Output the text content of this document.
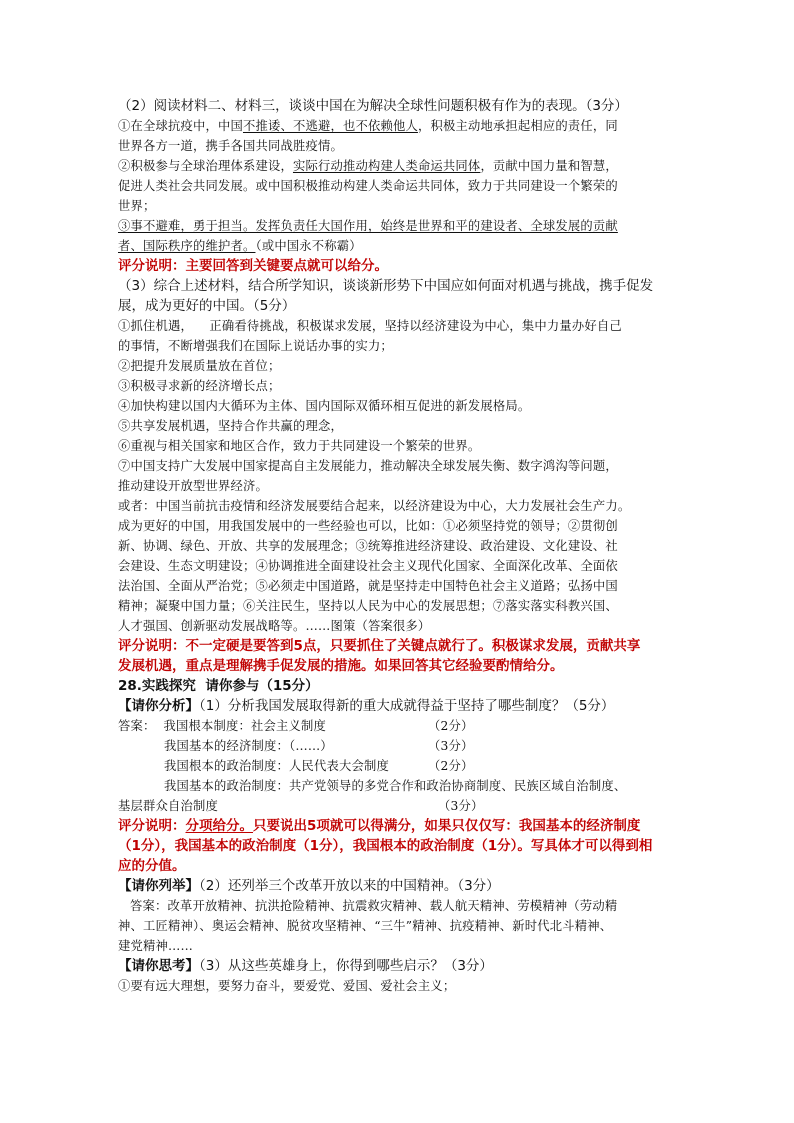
（2）阅读材料二、材料三，谈谈中国在为解决全球性问题积极有作为的表现。（3分）
①在全球抗疫中，中国不推诿、不逃避，也不依赖他人，积极主动地承担起相应的责任，同
世界各方一道，携手各国共同战胜疫情。
②积极参与全球治理体系建设，实际行动推动构建人类命运共同体，贡献中国力量和智慧，
促进人类社会共同发展。或中国积极推动构建人类命运共同体，致力于共同建设一个繁荣的
世界；
③事不避难，勇于担当。发挥负责任大国作用，始终是世界和平的建设者、全球发展的贡献
者、国际秩序的维护者。（或中国永不称霸）
评分说明：主要回答到关键要点就可以给分。
（3）综合上述材料，结合所学知识，谈谈新形势下中国应如何面对机遇与挑战，携手促发
展，成为更好的中国。（5分）
①抓住机遇，    正确看待挑战，积极谋求发展，坚持以经济建设为中心，集中力量办好自己
的事情，不断增强我们在国际上说话办事的实力；
②把提升发展质量放在首位；
③积极寻求新的经济增长点；
④加快构建以国内大循环为主体、国内国际双循环相互促进的新发展格局。
⑤共享发展机遇，坚持合作共赢的理念，
⑥重视与相关国家和地区合作，致力于共同建设一个繁荣的世界。
⑦中国支持广大发展中国家提高自主发展能力，推动解决全球发展失衡、数字鸿沟等问题，
推动建设开放型世界经济。
或者：中国当前抗击疫情和经济发展要结合起来，以经济建设为中心，大力发展社会生产力。
成为更好的中国，用我国发展中的一些经验也可以，比如：①必须坚持党的领导；②贯彻创
新、协调、绿色、开放、共享的发展理念；③统筹推进经济建设、政治建设、文化建设、社
会建设、生态文明建设；④协调推进全面建设社会主义现代化国家、全面深化改革、全面依
法治国、全面从严治党；⑤必须走中国道路，就是坚持走中国特色社会主义道路；弘扬中国
精神；凝聚中国力量；⑥关注民生，坚持以人民为中心的发展思想；⑦落实落实科教兴国、
人才强国、创新驱动发展战略等。……图策（答案很多）
评分说明：不一定硬是要答到5点，只要抓住了关键点就行了。积极谋求发展，贡献共享
发展机遇，重点是理解携手促发展的措施。如果回答其它经验要酌情给分。
28.实践探究  请你参与（15分）
【请你分析】（1）分析我国发展取得新的重大成就得益于坚持了哪些制度？（5分）
答案： 我国根本制度：社会主义制度	（2分）
我国基本的经济制度：（……）	（3分）
我国根本的政治制度：人民代表大会制度	（2分）
我国基本的政治制度：共产党领导的多党合作和政治协商制度、民族区域自治制度、
基层群众自治制度	（3分）
评分说明：分项给分。只要说出5项就可以得满分，如果只仅仅写：我国基本的经济制度
（1分），我国基本的政治制度（1分），我国根本的政治制度（1分）。写具体才可以得到相
应的分值。
【请你列举】（2）还列举三个改革开放以来的中国精神。（3分）
答案：改革开放精神、抗洪抢险精神、抗震救灾精神、载人航天精神、劳模精神（劳动精
神、工匠精神）、奥运会精神、脱贫攻坚精神、“三牛”精神、抗疫精神、新时代北斗精神、
建党精神……
【请你思考】（3）从这些英雄身上，你得到哪些启示？（3分）
①要有远大理想，要努力奋斗，要爱党、爱国、爱社会主义；
